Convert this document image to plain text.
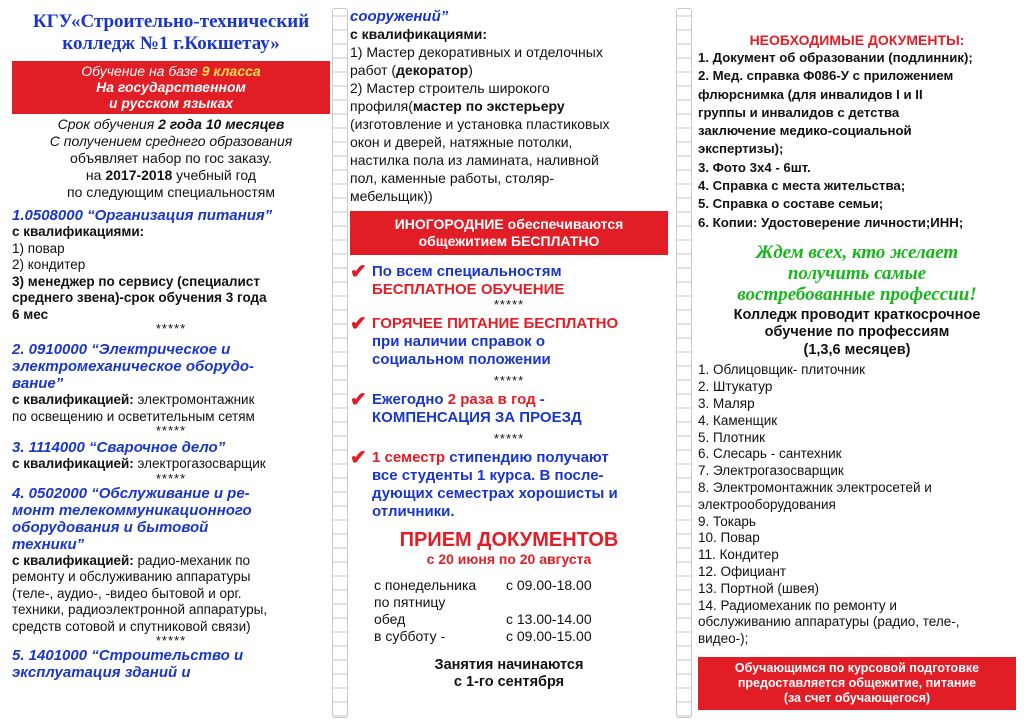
КГУ«Строительно-технический

колледж №1 г.Кокшетау»

Обучение на базе 9 класса

На государственном

и русском языках

Срок обучения 2 года 10 месяцев

С получением среднего образования

объявляет набор по гос заказу.

на 2017-2018 учебный год

по следующим специальностям

1.0508000 “Организация питания”

с квалификациями:

1) повар

2) кондитер

3) менеджер по сервису (специалист

среднего звена)-срок обучения 3 года

6 мес

*****

2. 0910000 “Электрическое и

электромеханическое оборудо-

вание”

с квалификацией: электромонтажник

по освещению и осветительным сетям

*****

3. 1114000 “Сварочное дело”

с квалификацией: электрогазосварщик

*****

4. 0502000 “Обслуживание и ре-

монт телекоммуникационного

оборудования и бытовой

техники”

с квалификацией: радио-механик по

ремонту и обслуживанию аппаратуры

(теле-, аудио-, -видео бытовой и орг.

техники, радиоэлектронной аппаратуры,

средств сотовой и спутниковой связи)

*****

5. 1401000 “Строительство и

эксплуатация зданий и

сооружений”

с квалификациями:

1) Мастер декоративных и отделочных

работ (декоратор)

2) Мастер строитель широкого

профиля(мастер по экстерьеру

(изготовление и установка пластиковых

окон и дверей, натяжные потолки,

настилка пола из ламината, наливной

пол, каменные работы, столяр-

мебельщик))

ИНОГОРОДНИЕ обеспечиваются

общежитием БЕСПЛАТНО

✔ По всем специальностям

БЕСПЛАТНОЕ ОБУЧЕНИЕ

*****

✔ ГОРЯЧЕЕ ПИТАНИЕ БЕСПЛАТНО

при наличии справок о

социальном положении

*****

✔ Ежегодно 2 раза в год -

КОМПЕНСАЦИЯ ЗА ПРОЕЗД

*****

✔ 1 семестр стипендию получают

все студенты 1 курса. В после-

дующих семестрах хорошисты и

отличники.

ПРИЕМ ДОКУМЕНТОВ

с 20 июня по 20 августа

с понедельника

по пятницу

с 09.00-18.00
обед	с 13.00-14.00
в субботу -	с 09.00-15.00

Занятия начинаются

с 1-го сентября

НЕОБХОДИМЫЕ ДОКУМЕНТЫ:

1. Документ об образовании (подлинник);

2. Мед. справка Ф086-У с приложением

флюрснимка (для инвалидов I и II

группы и инвалидов с детства

заключение медико-социальной

экспертизы);

3. Фото 3х4 - 6шт.

4. Справка с места жительства;

5. Справка о составе семьи;

6. Копии: Удостоверение личности;ИНН;

Ждем всех, кто желает

получить самые

востребованные профессии!

Колледж проводит краткосрочное

обучение по профессиям

(1,3,6 месяцев)

1. Облицовщик- плиточник

2. Штукатур

3. Маляр

4. Каменщик

5. Плотник

6. Слесарь - сантехник

7. Электрогазосварщик

8. Электромонтажник электросетей и

электрооборудования

9. Токарь

10. Повар

11. Кондитер

12. Официант

13. Портной (швея)

14. Радиомеханик по ремонту и

обслуживанию аппаратуры (радио, теле-,

видео-);

Обучающимся по курсовой подготовке

предоставляется общежитие, питание

(за счет обучающегося)
